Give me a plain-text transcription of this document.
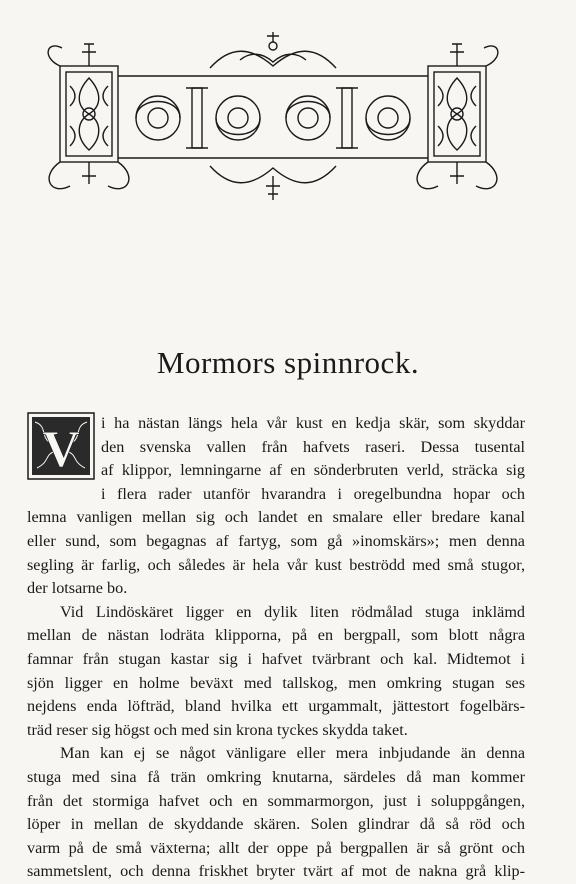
Mormors spinnrock.
V	i ha nästan längs hela vår kust en kedja skär, som skyddar
den svenska vallen från hafvets raseri. Dessa tusental
af klippor, lemningarne af en sönderbruten verld, sträcka sig
i flera rader utanför hvarandra i oregelbundna hopar och
lemna vanligen mellan sig och landet en smalare eller bredare kanal
eller sund, som begagnas af fartyg, som gå »inomskärs»; men denna
segling är farlig, och således är hela vår kust beströdd med små stugor,
der lotsarne bo.
Vid Lindöskäret ligger en dylik liten rödmålad stuga inklämd
mellan de nästan lodräta klipporna, på en bergpall, som blott några
famnar från stugan kastar sig i hafvet tvärbrant och kal. Midtemot i
sjön ligger en holme beväxt med tallskog, men omkring stugan ses
nejdens enda löfträd, bland hvilka ett urgammalt, jättestort fogelbärs-
träd reser sig högst och med sin krona tyckes skydda taket.
Man kan ej se något vänligare eller mera inbjudande än denna
stuga med sina få trän omkring knutarna, särdeles då man kommer
från det stormiga hafvet och en sommarmorgon, just i soluppgången,
löper in mellan de skyddande skären. Solen glindrar då så röd och
varm på de små växterna; allt der oppe på bergpallen är så grönt och
sammetslent, och denna friskhet bryter tvärt af mot de nakna grå klip-
